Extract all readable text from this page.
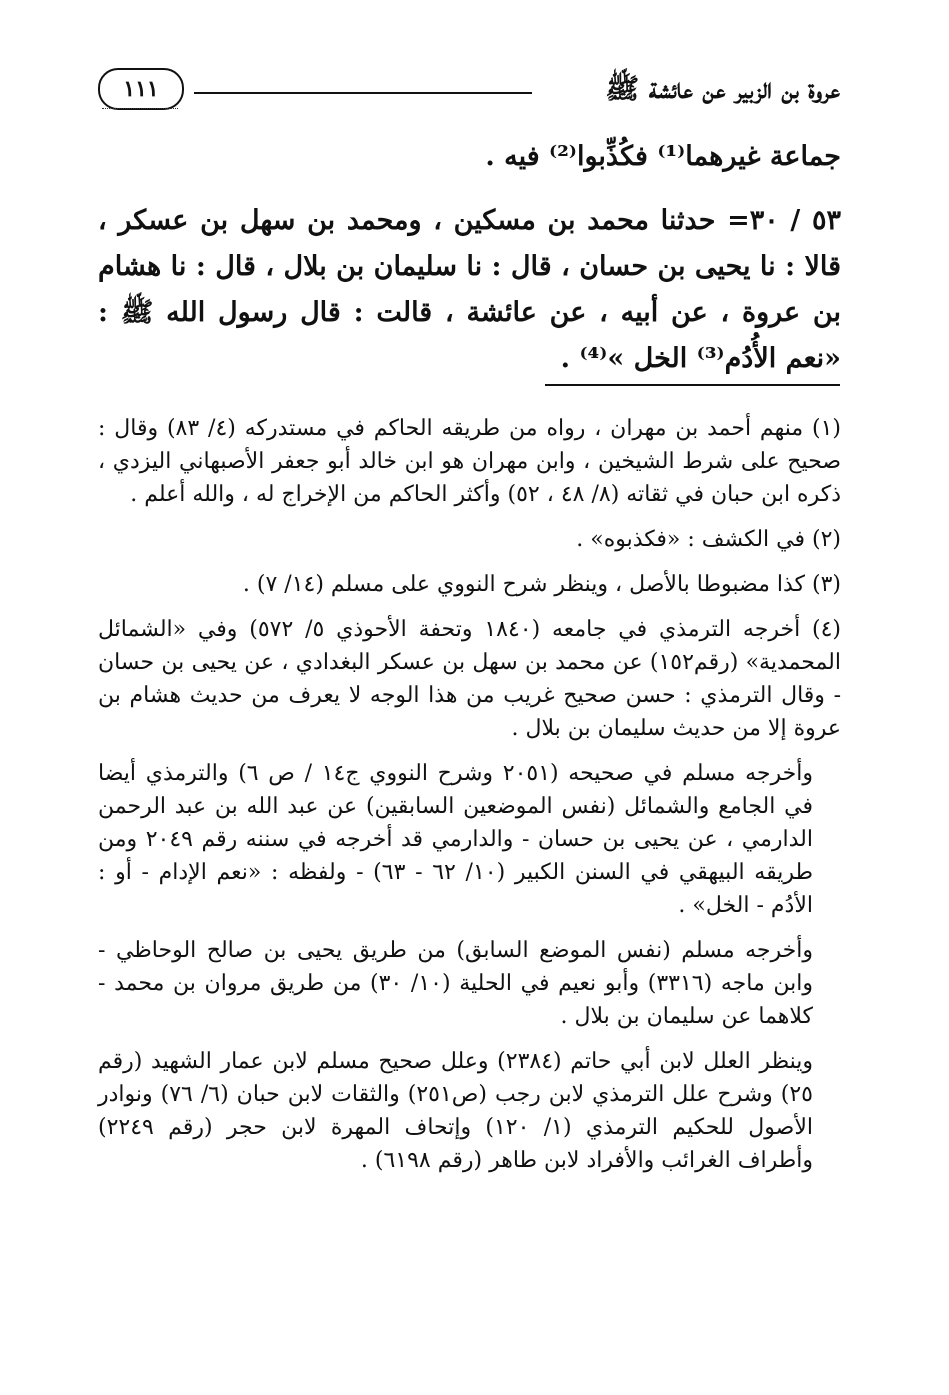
١١١	عروة بن الزبير عن عائشة ﷺ
جماعة غيرهما⁽¹⁾ فكُذِّبوا⁽²⁾ فيه .

٥٣ / ٣٠= حدثنا محمد بن مسكين ، ومحمد بن سهل بن عسكر ، قالا : نا يحيى بن حسان ، قال : نا سليمان بن بلال ، قال : نا هشام بن عروة ، عن أبيه ، عن عائشة ، قالت : قال رسول الله ﷺ : «نعم الأُدُم⁽³⁾ الخل »⁽⁴⁾ .

(١) منهم أحمد بن مهران ، رواه من طريقه الحاكم في مستدركه (٤/ ٨٣) وقال : صحيح على شرط الشيخين ، وابن مهران هو ابن خالد أبو جعفر الأصبهاني اليزدي ، ذكره ابن حبان في ثقاته (٨/ ٤٨ ، ٥٢) وأكثر الحاكم من الإخراج له ، والله أعلم .

(٢) في الكشف : «فكذبوه» .

(٣) كذا مضبوطا بالأصل ، وينظر شرح النووي على مسلم (١٤/ ٧) .

(٤) أخرجه الترمذي في جامعه (١٨٤٠ وتحفة الأحوذي ٥/ ٥٧٢) وفي «الشمائل المحمدية» (رقم١٥٢) عن محمد بن سهل بن عسكر البغدادي ، عن يحيى بن حسان - وقال الترمذي : حسن صحيح غريب من هذا الوجه لا يعرف من حديث هشام بن عروة إلا من حديث سليمان بن بلال .

وأخرجه مسلم في صحيحه (٢٠٥١ وشرح النووي ج١٤ / ص ٦) والترمذي أيضا في الجامع والشمائل (نفس الموضعين السابقين) عن عبد الله بن عبد الرحمن الدارمي ، عن يحيى بن حسان - والدارمي قد أخرجه في سننه رقم ٢٠٤٩ ومن طريقه البيهقي في السنن الكبير (١٠/ ٦٢ - ٦٣) - ولفظه : «نعم الإدام - أو : الأدُم - الخل» .

وأخرجه مسلم (نفس الموضع السابق) من طريق يحيى بن صالح الوحاظي - وابن ماجه (٣٣١٦) وأبو نعيم في الحلية (١٠/ ٣٠) من طريق مروان بن محمد - كلاهما عن سليمان بن بلال .

وينظر العلل لابن أبي حاتم (٢٣٨٤) وعلل صحيح مسلم لابن عمار الشهيد (رقم ٢٥) وشرح علل الترمذي لابن رجب (ص٢٥١) والثقات لابن حبان (٦/ ٧٦) ونوادر الأصول للحكيم الترمذي (١/ ١٢٠) وإتحاف المهرة لابن حجر (رقم ٢٢٤٩) وأطراف الغرائب والأفراد لابن طاهر (رقم ٦١٩٨) .
